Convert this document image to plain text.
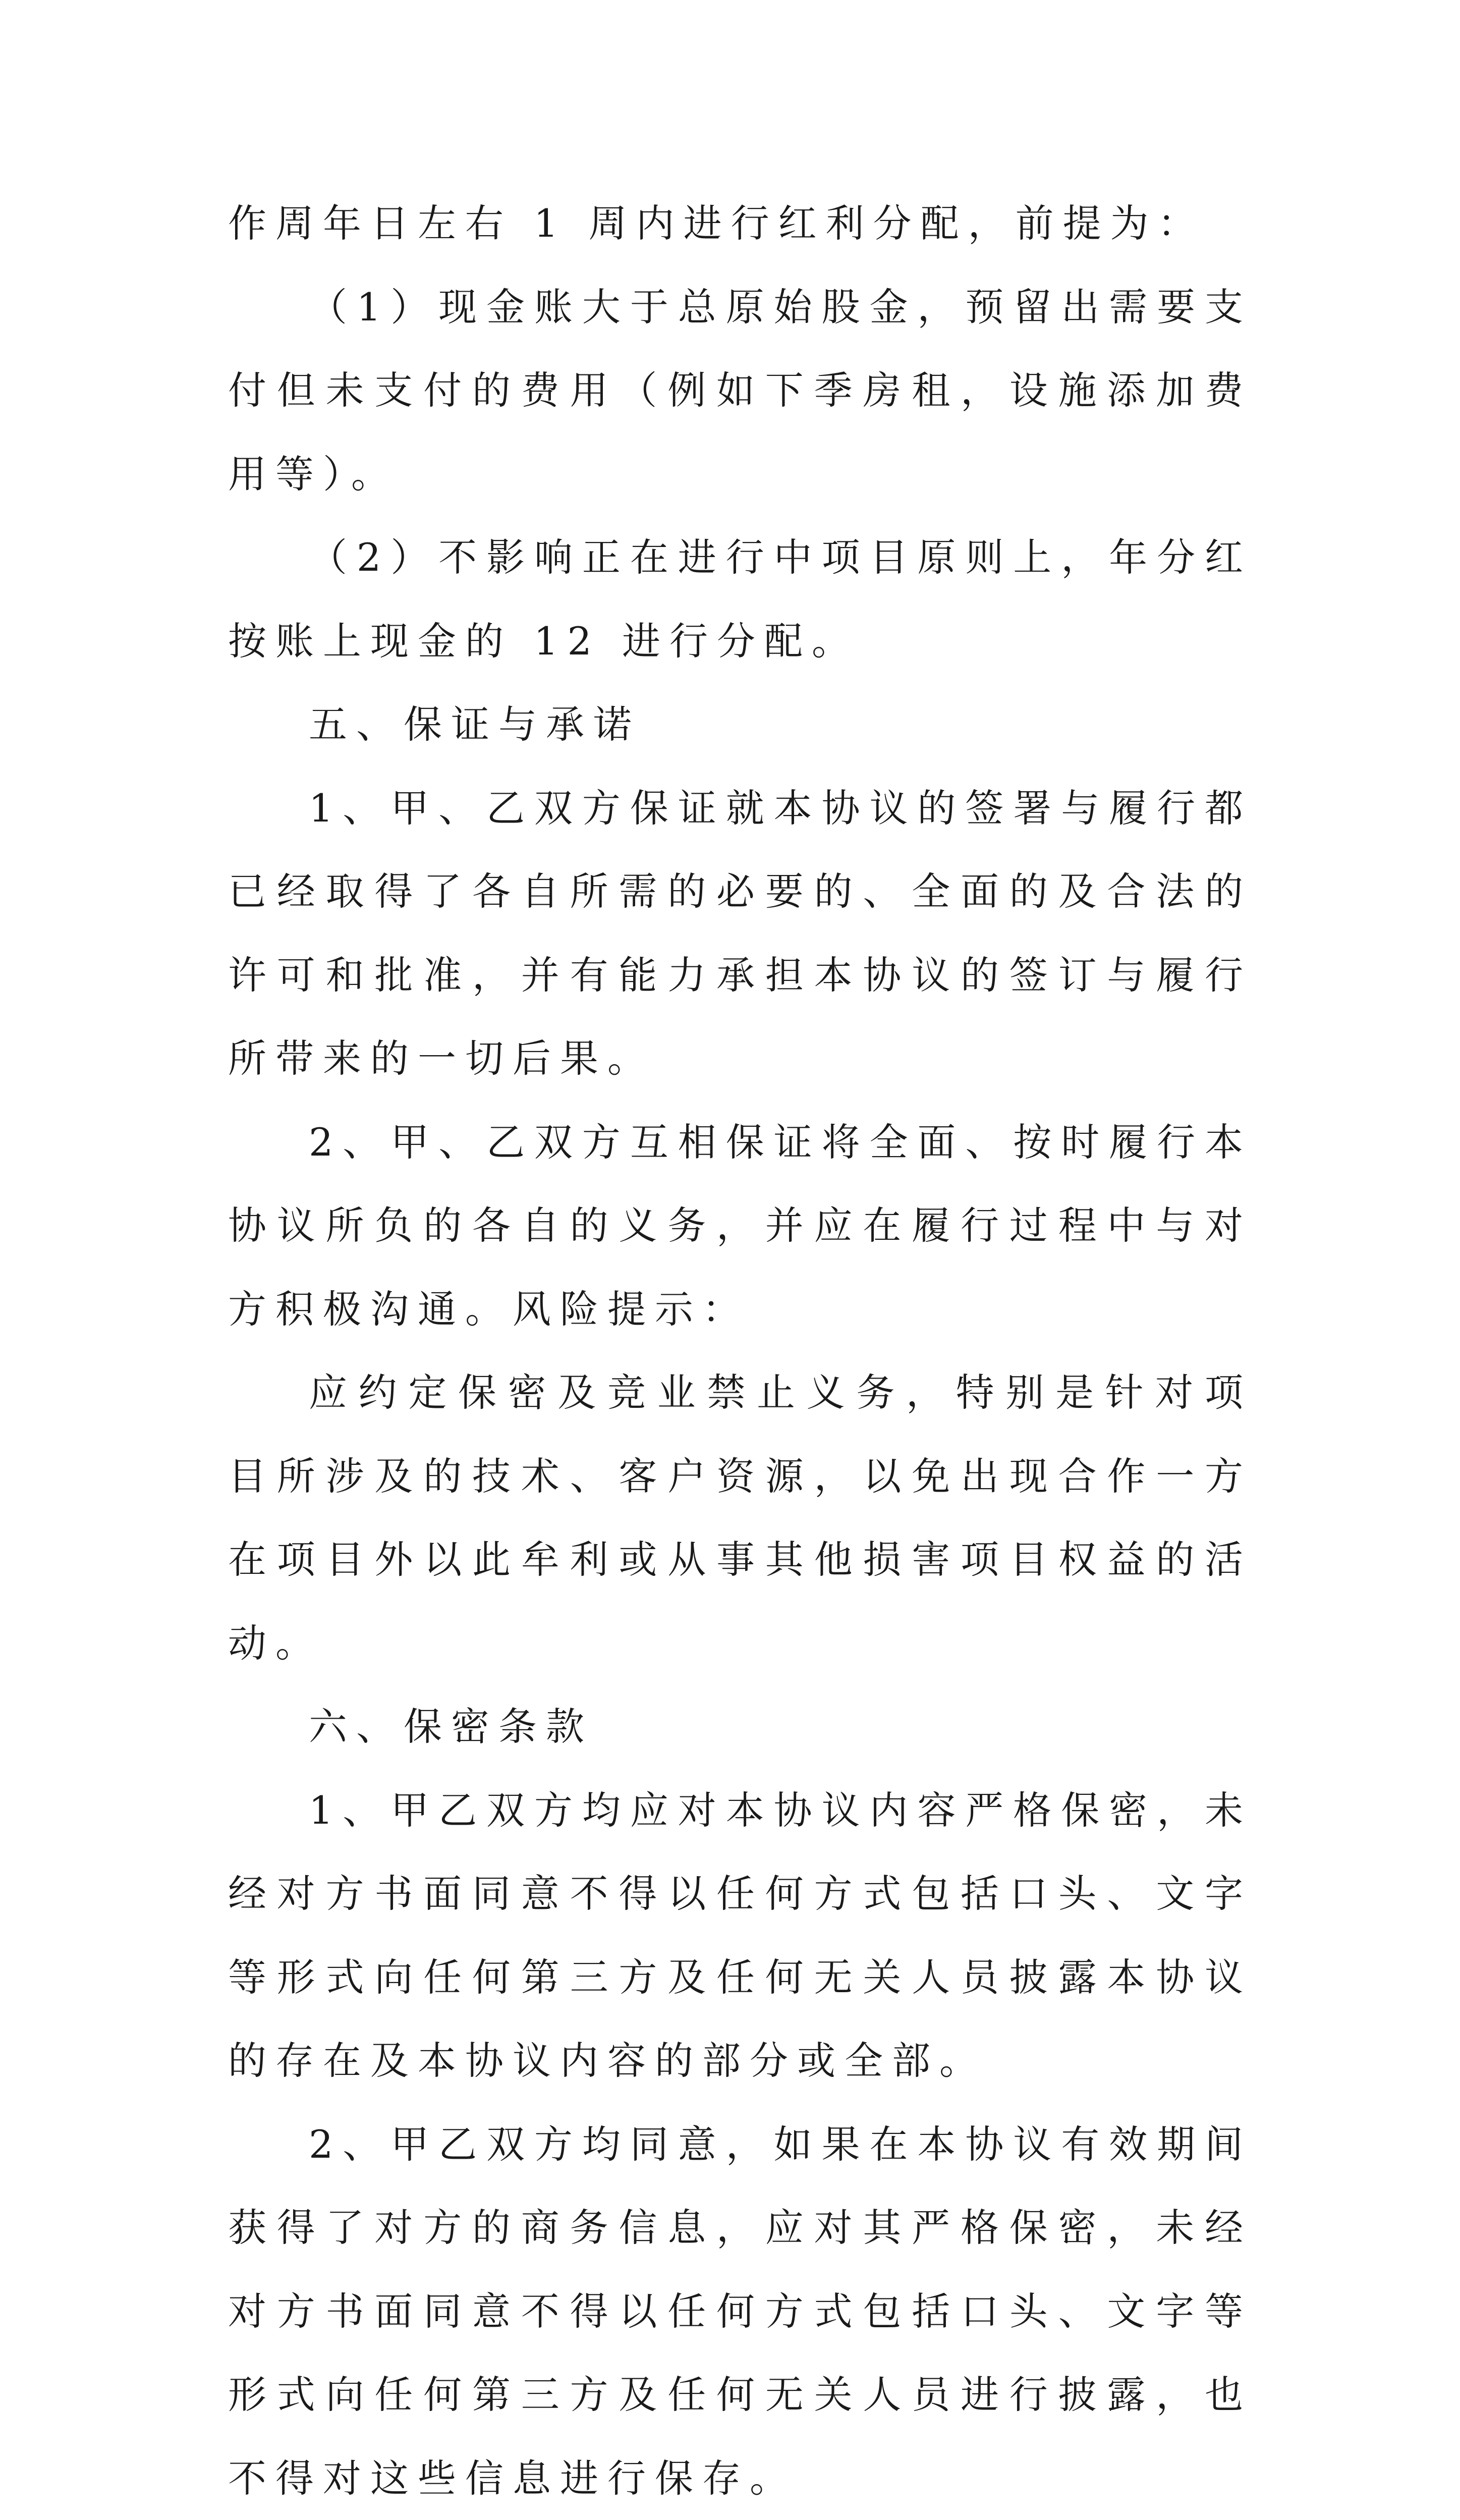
作周年日左右 1 周内进行红利分配，前提为：

（1）现金账大于总原始股金，预留出需要支付但未支付的费用（例如下季房租，设施添加费用等）。

（2）不影响正在进行中项目原则上，年分红按账上现金的 12 进行分配。

五、保证与承诺

1、甲、乙双方保证就本协议的签署与履行都已经取得了各自所需的必要的、全面的及合法的许可和批准，并有能力承担本协议的签订与履行所带来的一切后果。

2、甲、乙双方互相保证将全面、按时履行本协议所负的各自的义务，并应在履行过程中与对方积极沟通。风险提示：

应约定保密及竞业禁止义务，特别是针对项目所涉及的技术、客户资源，以免出现合作一方在项目外以此牟利或从事其他损害项目权益的活动。

六、保密条款

1、甲乙双方均应对本协议内容严格保密，未经对方书面同意不得以任何方式包括口头、文字等形式向任何第三方及任何无关人员披露本协议的存在及本协议内容的部分或全部。

2、甲乙双方均同意，如果在本协议有效期间获得了对方的商务信息，应对其严格保密，未经对方书面同意不得以任何方式包括口头、文字等形式向任何第三方及任何无关人员进行披露，也不得对这些信息进行保存。
